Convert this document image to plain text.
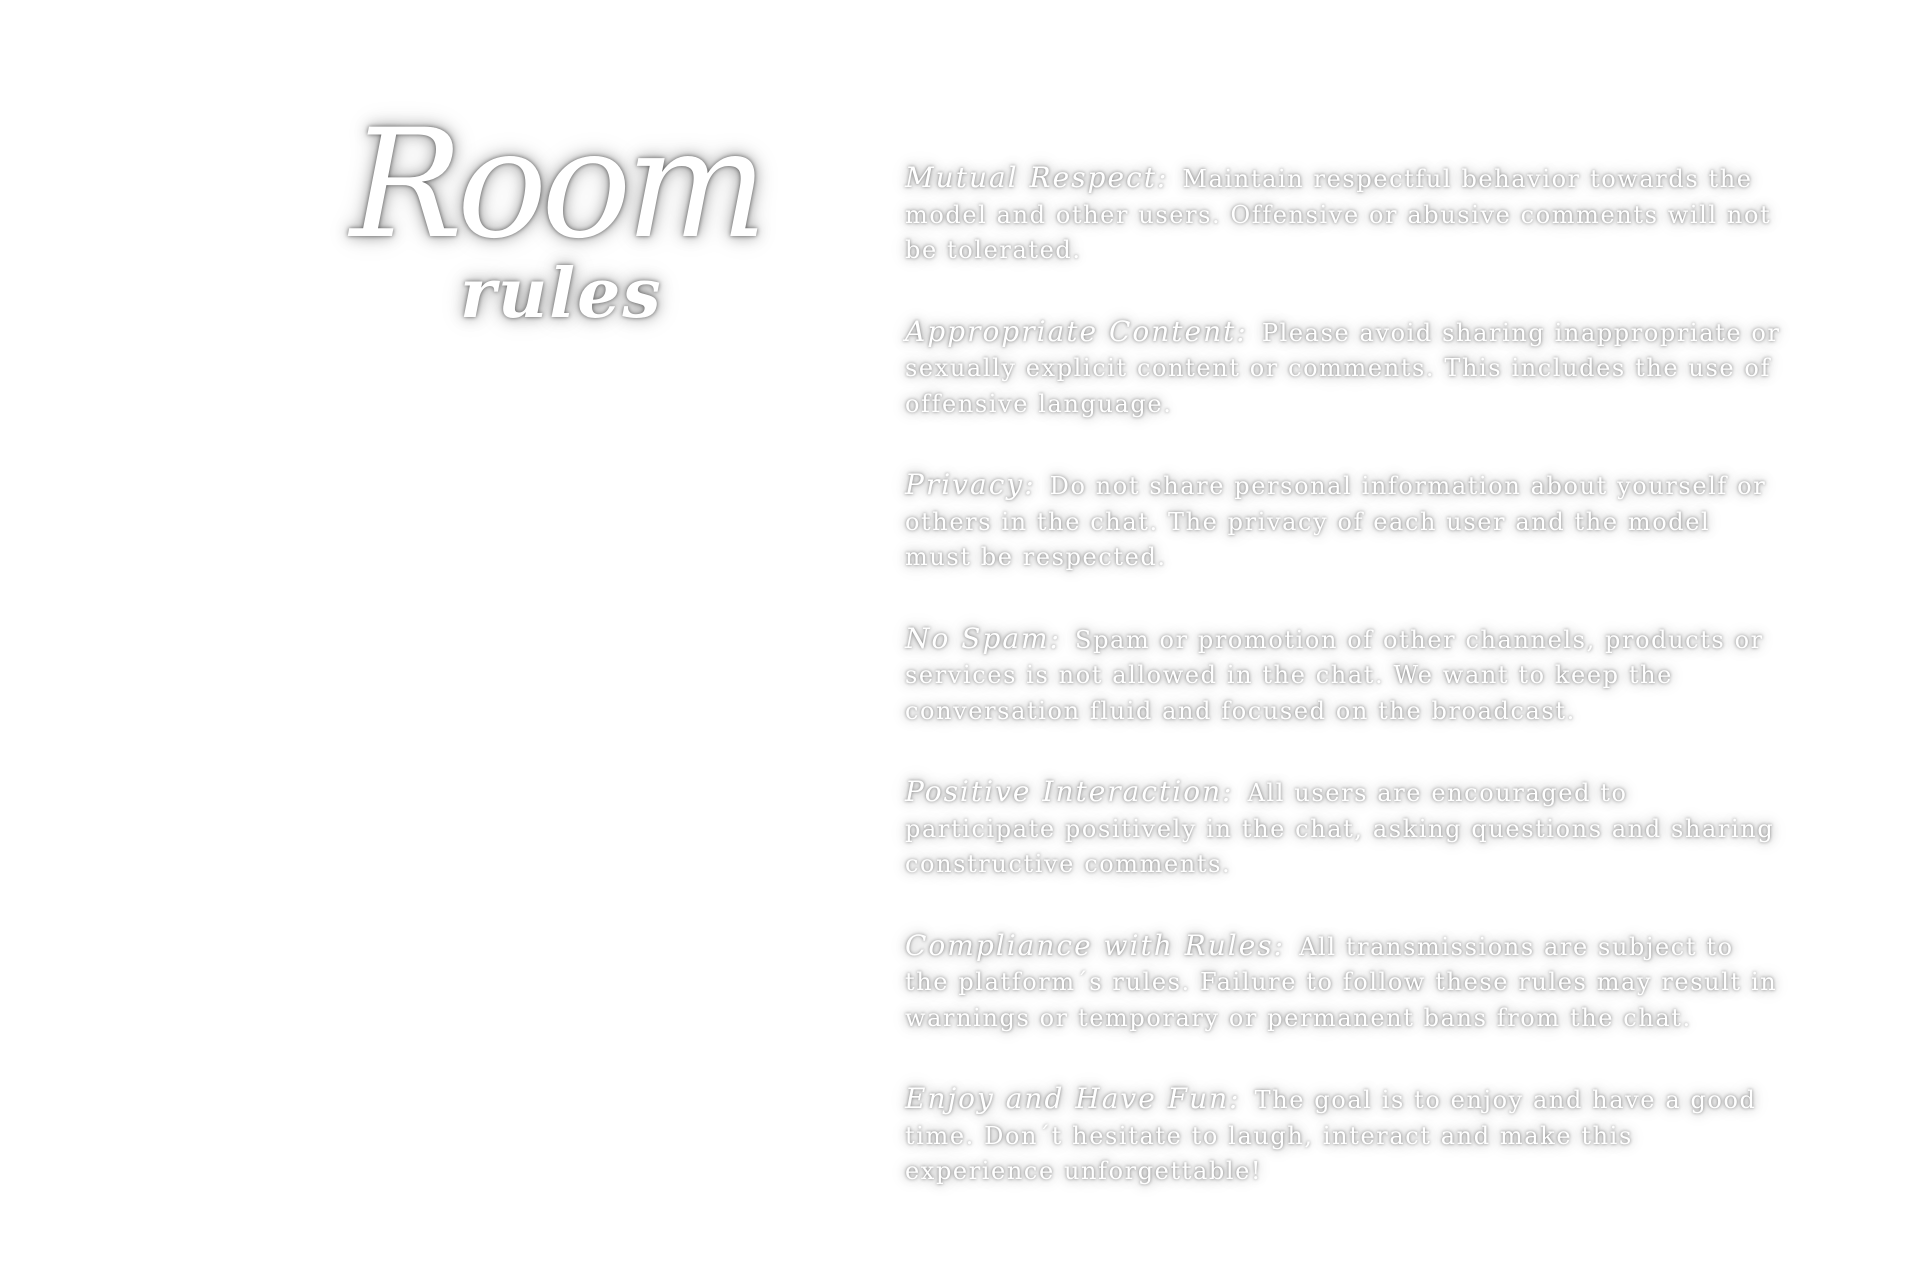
Room
rules
Mutual Respect: Maintain respectful behavior towards the model and other users. Offensive or abusive comments will not be tolerated.
Appropriate Content: Please avoid sharing inappropriate or sexually explicit content or comments. This includes the use of offensive language.
Privacy: Do not share personal information about yourself or others in the chat. The privacy of each user and the model must be respected.
No Spam: Spam or promotion of other channels, products or services is not allowed in the chat. We want to keep the conversation fluid and focused on the broadcast.
Positive Interaction: All users are encouraged to participate positively in the chat, asking questions and sharing constructive comments.
Compliance with Rules: All transmissions are subject to the platform´s rules. Failure to follow these rules may result in warnings or temporary or permanent bans from the chat.
Enjoy and Have Fun: The goal is to enjoy and have a good time. Don´t hesitate to laugh, interact and make this experience unforgettable!
